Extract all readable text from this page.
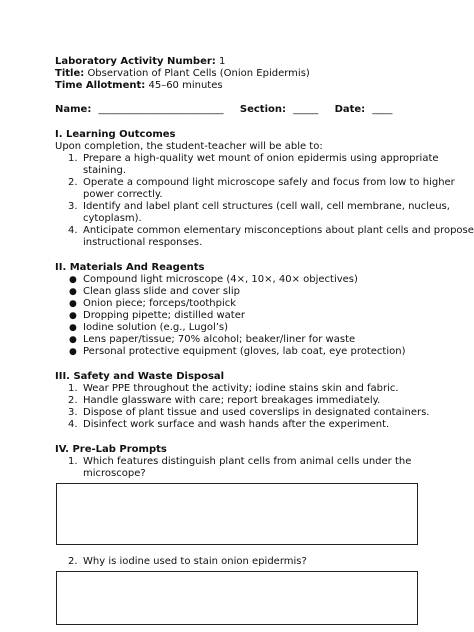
Laboratory Activity Number: 1
Title: Observation of Plant Cells (Onion Epidermis)
Time Allotment: 45–60 minutes
Name: _________________________ Section: _____ Date: ____
I. Learning Outcomes
Upon completion, the student-teacher will be able to:
1. Prepare a high-quality wet mount of onion epidermis using appropriate
staining.
2. Operate a compound light microscope safely and focus from low to higher
power correctly.
3. Identify and label plant cell structures (cell wall, cell membrane, nucleus,
cytoplasm).
4. Anticipate common elementary misconceptions about plant cells and propose
instructional responses.
II. Materials And Reagents
● Compound light microscope (4×, 10×, 40× objectives)
● Clean glass slide and cover slip
● Onion piece; forceps/toothpick
● Dropping pipette; distilled water
● Iodine solution (e.g., Lugol’s)
● Lens paper/tissue; 70% alcohol; beaker/liner for waste
● Personal protective equipment (gloves, lab coat, eye protection)
III. Safety and Waste Disposal
1. Wear PPE throughout the activity; iodine stains skin and fabric.
2. Handle glassware with care; report breakages immediately.
3. Dispose of plant tissue and used coverslips in designated containers.
4. Disinfect work surface and wash hands after the experiment.
IV. Pre-Lab Prompts
1. Which features distinguish plant cells from animal cells under the
microscope?
2. Why is iodine used to stain onion epidermis?
